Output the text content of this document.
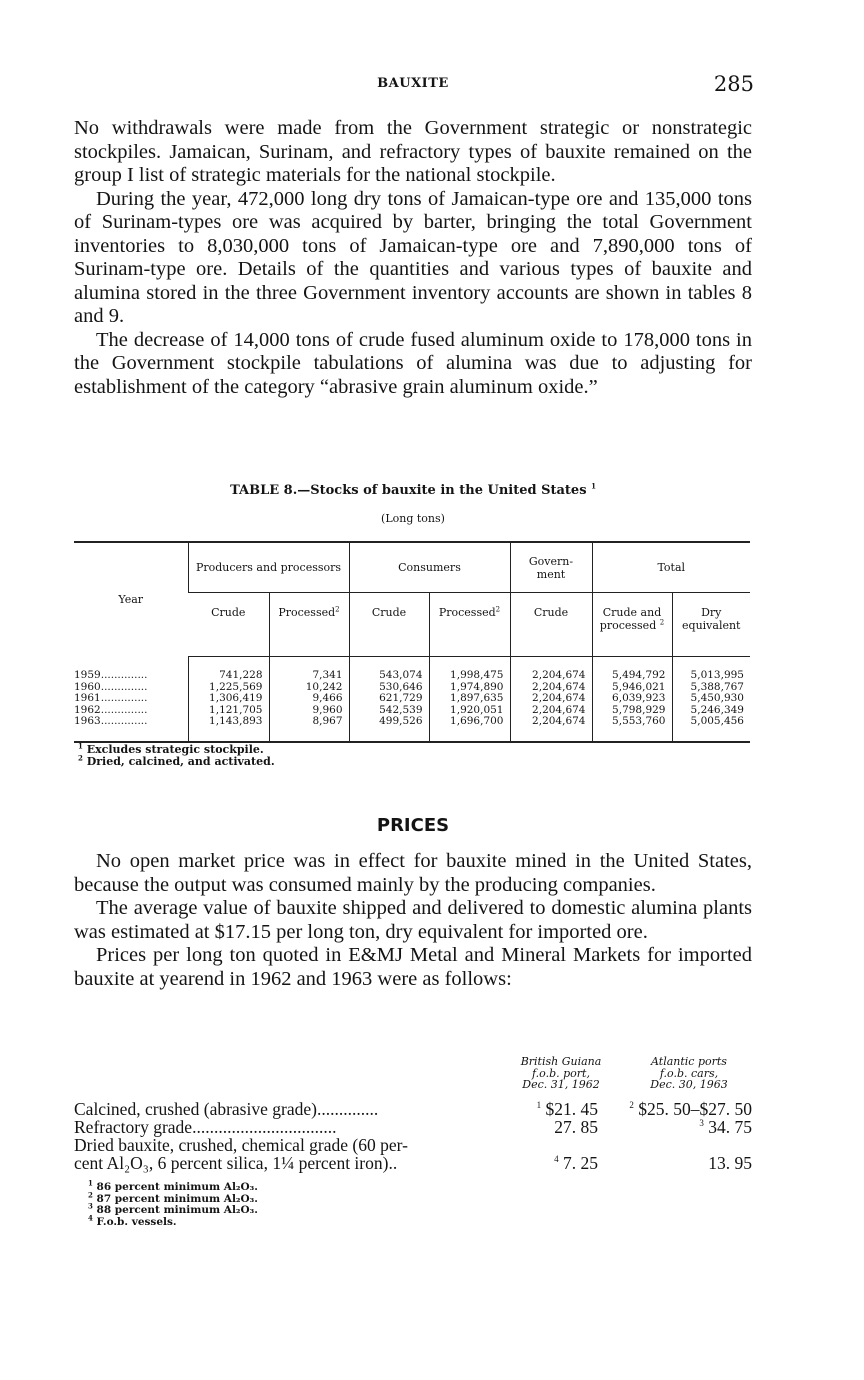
BAUXITE	285

No withdrawals were made from the Government strategic or nonstrategic stockpiles. Jamaican, Surinam, and refractory types of bauxite remained on the group I list of strategic materials for the national stockpile.

During the year, 472,000 long dry tons of Jamaican-type ore and 135,000 tons of Surinam-types ore was acquired by barter, bringing the total Government inventories to 8,030,000 tons of Jamaican-type ore and 7,890,000 tons of Surinam-type ore. Details of the quantities and various types of bauxite and alumina stored in the three Government inventory accounts are shown in tables 8 and 9.

The decrease of 14,000 tons of crude fused aluminum oxide to 178,000 tons in the Government stockpile tabulations of alumina was due to adjusting for establishment of the category “abrasive grain aluminum oxide.”

TABLE 8.—Stocks of bauxite in the United States $^1$
(Long tons)
Year	Producers and processors		Consumers		Govern- ment	Total	
	Crude	Processed$^2$	Crude	Processed$^2$	Crude	Crude and processed $^2$	Dry equivalent
1959..............	741,228	7,341	543,074	1,998,475	2,204,674	5,494,792	5,013,995
1960..............	1,225,569	10,242	530,646	1,974,890	2,204,674	5,946,021	5,388,767
1961..............	1,306,419	9,466	621,729	1,897,635	2,204,674	6,039,923	5,450,930
1962..............	1,121,705	9,960	542,539	1,920,051	2,204,674	5,798,929	5,246,349
1963..............	1,143,893	8,967	499,526	1,696,700	2,204,674	5,553,760	5,005,456
$^1$ Excludes strategic stockpile.
$^2$ Dried, calcined, and activated.
PRICES

No open market price was in effect for bauxite mined in the United States, because the output was consumed mainly by the producing companies.

The average value of bauxite shipped and delivered to domestic alumina plants was estimated at $17.15 per long ton, dry equivalent for imported ore.

Prices per long ton quoted in E&MJ Metal and Mineral Markets for imported bauxite at yearend in 1962 and 1963 were as follows:

British Guiana
f.o.b. port,
Dec. 31, 1962
Atlantic ports
f.o.b. cars,
Dec. 30, 1963
Calcined, crushed (abrasive grade)..............	$^1$ $21. 45	$^2$ $25. 50–$27. 50
Refractory grade.................................	27. 85	$^3$ 34. 75
Dried bauxite, crushed, chemical grade (60 per-
cent Al₂O₃, 6 percent silica, 1¼ percent iron)..	$^4$ 7. 25	13. 95
$^1$ 86 percent minimum Al₂O₃.
$^2$ 87 percent minimum Al₂O₃.
$^3$ 88 percent minimum Al₂O₃.
$^4$ F.o.b. vessels.
